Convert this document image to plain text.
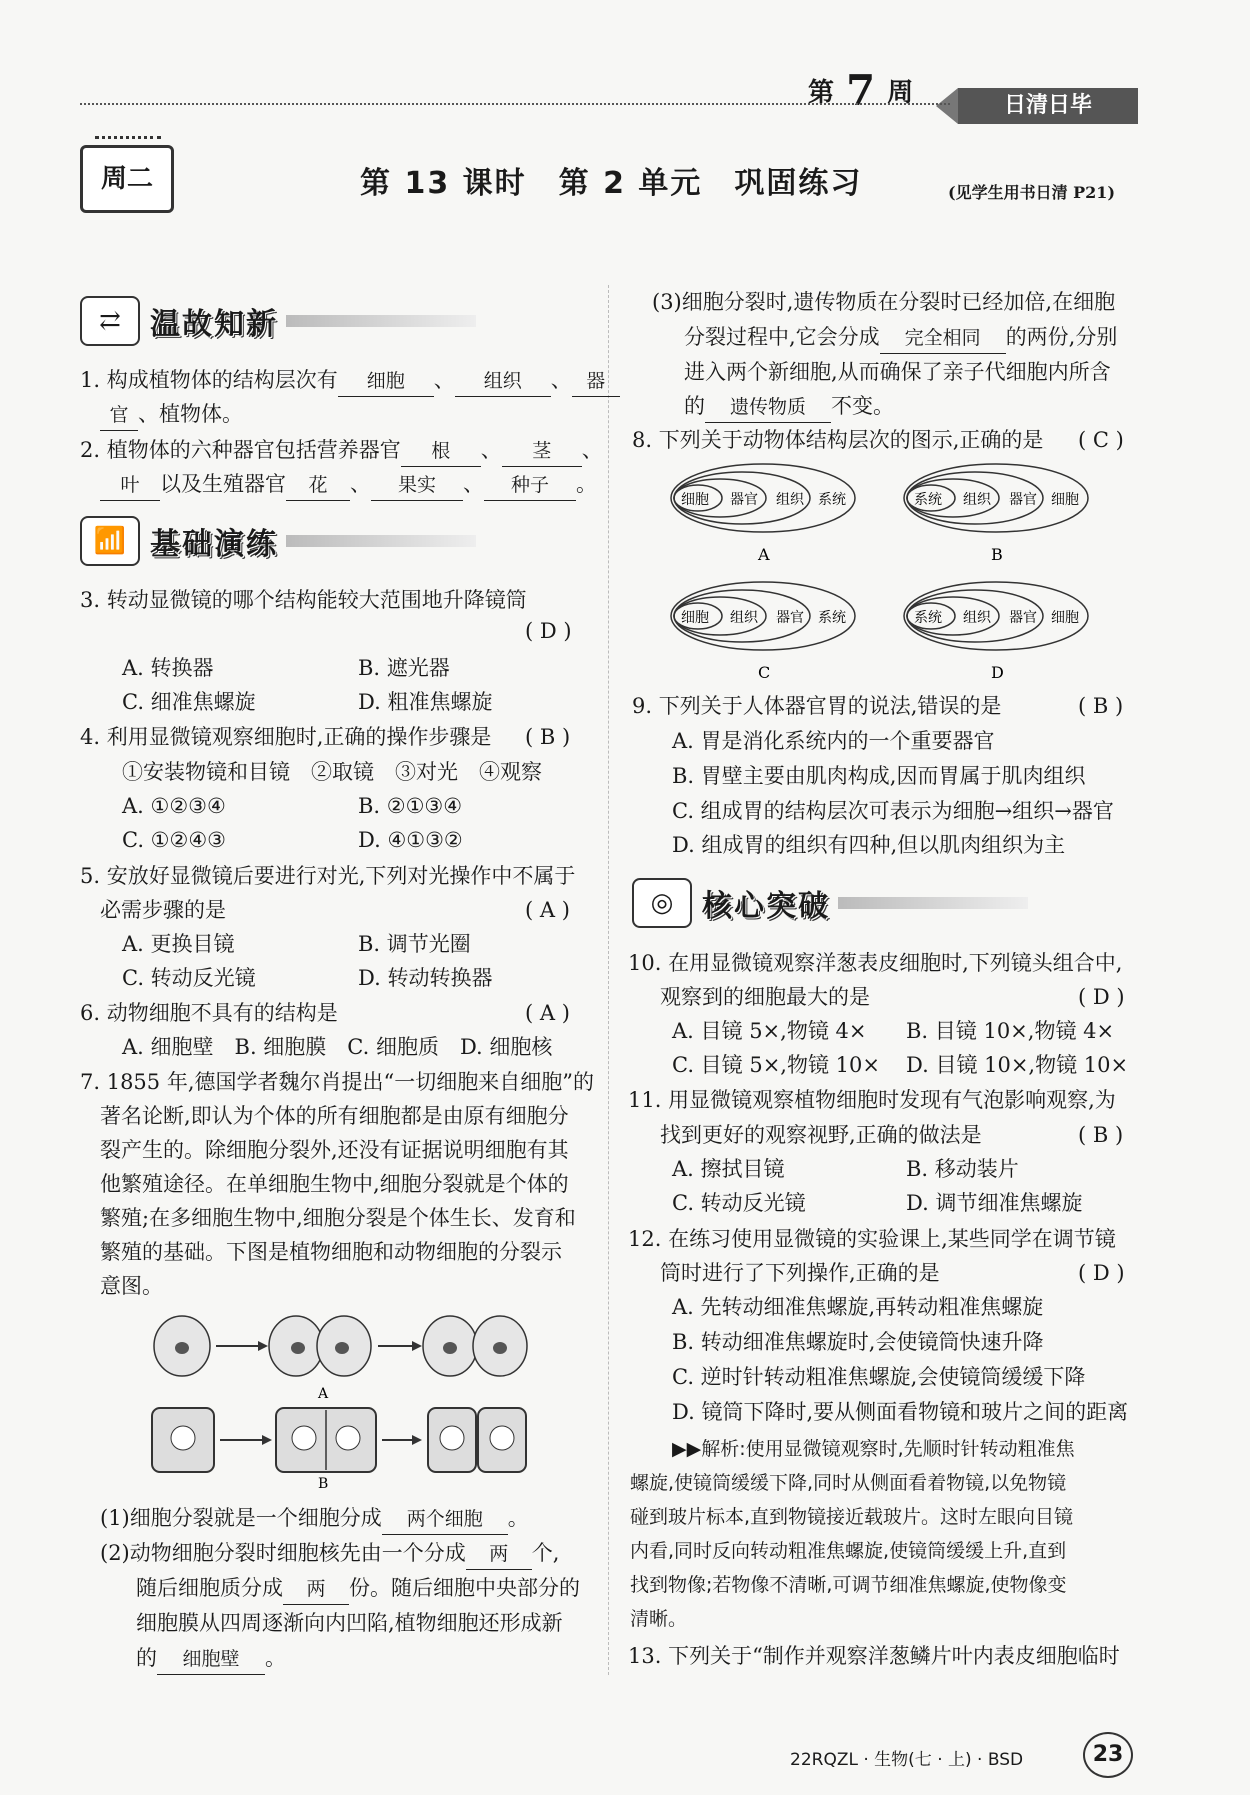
第 7 周	日清日毕
周二	第 13 课时　第 2 单元　巩固练习	(见学生用书日清 P21)
⇄ 温故知新
1. 构成植物体的结构层次有 细胞 、 组织 、 器
官 、植物体。
2. 植物体的六种器官包括营养器官 根 、 茎 、
叶 以及生殖器官 花 、 果实 、 种子 。
📶 基础演练
3. 转动显微镜的哪个结构能较大范围地升降镜筒
( D )
A. 转换器	B. 遮光器
C. 细准焦螺旋	D. 粗准焦螺旋
4. 利用显微镜观察细胞时,正确的操作步骤是 ( B )
①安装物镜和目镜　②取镜　③对光　④观察
A. ①②③④	B. ②①③④
C. ①②④③	D. ④①③②
5. 安放好显微镜后要进行对光,下列对光操作中不属于
必需步骤的是	( A )
A. 更换目镜	B. 调节光圈
C. 转动反光镜	D. 转动转换器
6. 动物细胞不具有的结构是	( A )
A. 细胞壁　B. 细胞膜　C. 细胞质　D. 细胞核
7. 1855 年,德国学者魏尔肖提出“一切细胞来自细胞”的
著名论断,即认为个体的所有细胞都是由原有细胞分
裂产生的。除细胞分裂外,还没有证据说明细胞有其
他繁殖途径。在单细胞生物中,细胞分裂就是个体的
繁殖;在多细胞生物中,细胞分裂是个体生长、发育和
繁殖的基础。下图是植物细胞和动物细胞的分裂示
意图。
A
B
(1)细胞分裂就是一个细胞分成 两个细胞 。
(2)动物细胞分裂时细胞核先由一个分成 两 个,
随后细胞质分成 两 份。随后细胞中央部分的
细胞膜从四周逐渐向内凹陷,植物细胞还形成新
的 细胞壁 。
(3)细胞分裂时,遗传物质在分裂时已经加倍,在细胞
分裂过程中,它会分成 完全相同 的两份,分别
进入两个新细胞,从而确保了亲子代细胞内所含
的 遗传物质 不变。
8. 下列关于动物体结构层次的图示,正确的是 ( C )
细胞 器官 组织 系统
A
系统 组织 器官 细胞
B
细胞 组织 器官 系统
C
系统 组织 器官 细胞
D
9. 下列关于人体器官胃的说法,错误的是	( B )
A. 胃是消化系统内的一个重要器官
B. 胃壁主要由肌肉构成,因而胃属于肌肉组织
C. 组成胃的结构层次可表示为细胞→组织→器官
D. 组成胃的组织有四种,但以肌肉组织为主
◎ 核心突破
10. 在用显微镜观察洋葱表皮细胞时,下列镜头组合中,
观察到的细胞最大的是	( D )
A. 目镜 5×,物镜 4× B. 目镜 10×,物镜 4×
C. 目镜 5×,物镜 10× D. 目镜 10×,物镜 10×
11. 用显微镜观察植物细胞时发现有气泡影响观察,为
找到更好的观察视野,正确的做法是	( B )
A. 擦拭目镜	B. 移动装片
C. 转动反光镜	D. 调节细准焦螺旋
12. 在练习使用显微镜的实验课上,某些同学在调节镜
筒时进行了下列操作,正确的是	( D )
A. 先转动细准焦螺旋,再转动粗准焦螺旋
B. 转动细准焦螺旋时,会使镜筒快速升降
C. 逆时针转动粗准焦螺旋,会使镜筒缓缓下降
D. 镜筒下降时,要从侧面看物镜和玻片之间的距离
▶▶解析:使用显微镜观察时,先顺时针转动粗准焦
螺旋,使镜筒缓缓下降,同时从侧面看着物镜,以免物镜
碰到玻片标本,直到物镜接近载玻片。这时左眼向目镜
内看,同时反向转动粗准焦螺旋,使镜筒缓缓上升,直到
找到物像;若物像不清晰,可调节细准焦螺旋,使物像变
清晰。
13. 下列关于“制作并观察洋葱鳞片叶内表皮细胞临时
22RQZL · 生物(七 · 上) · BSD	23
